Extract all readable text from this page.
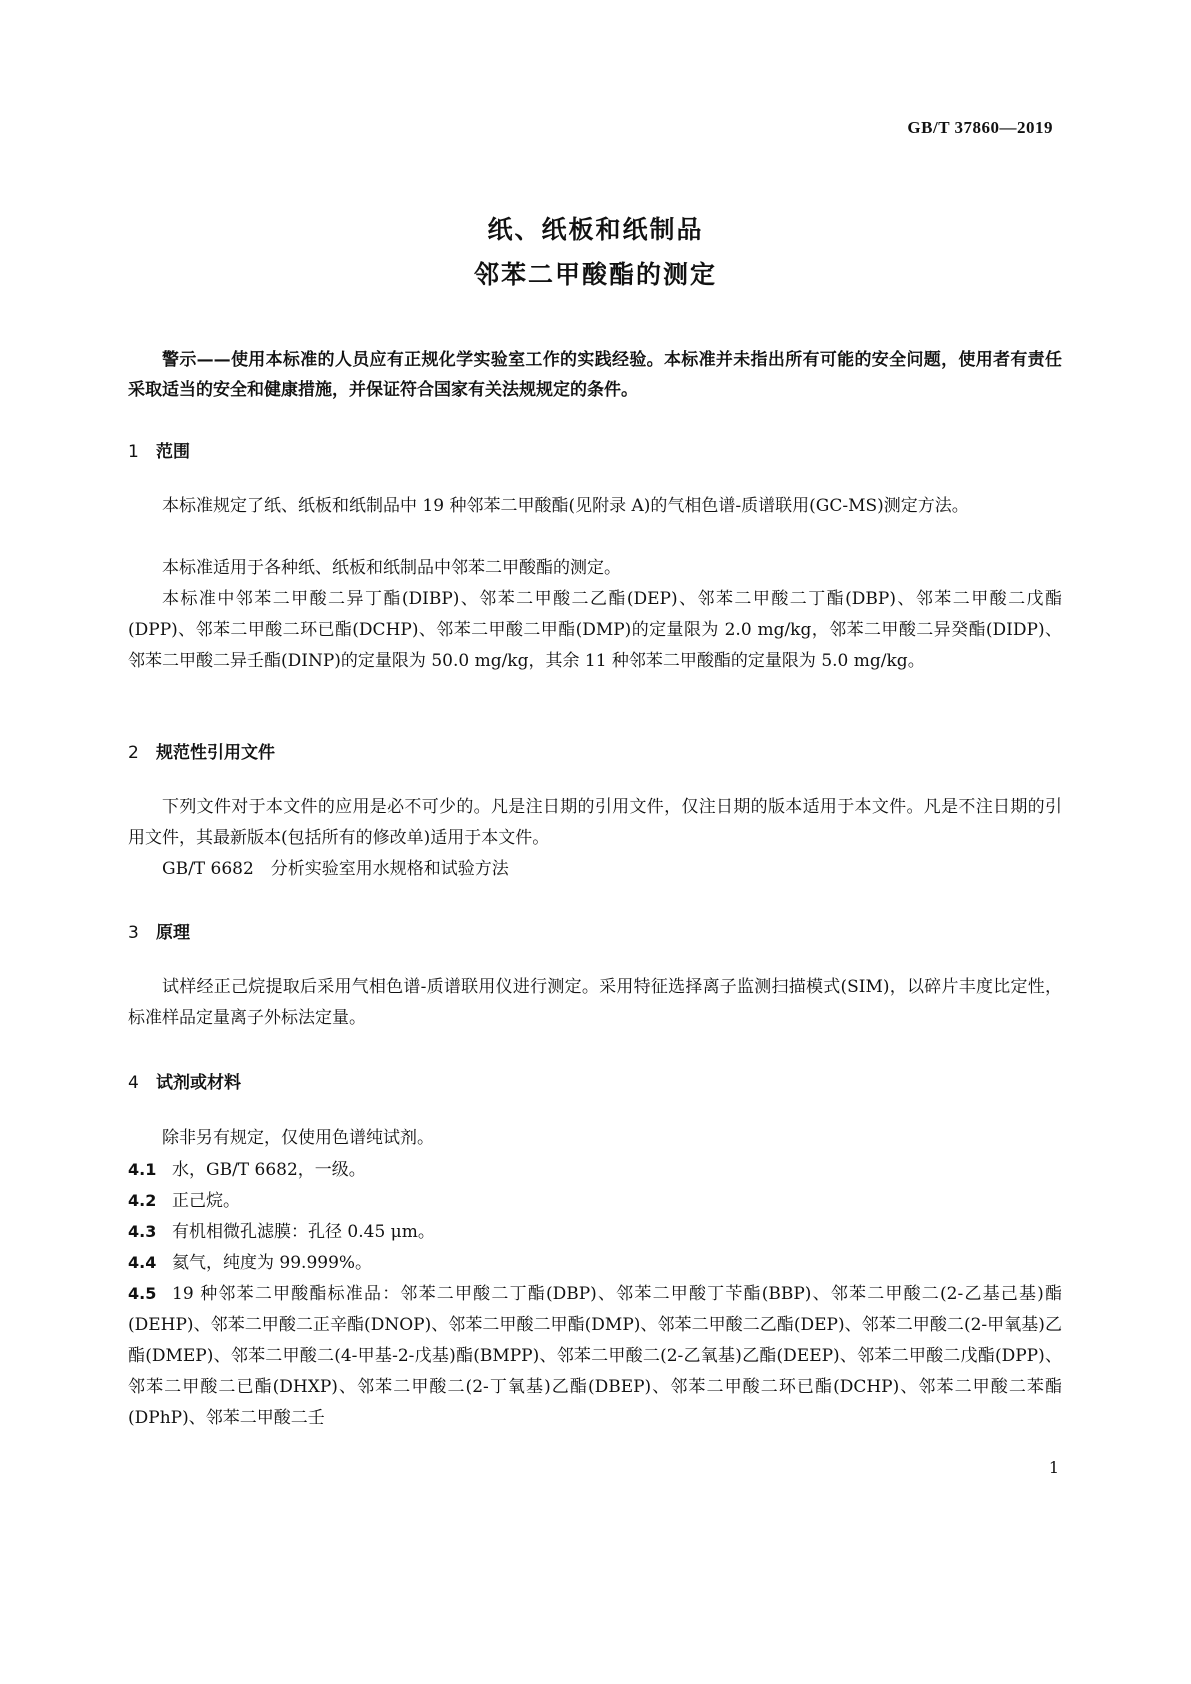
GB/T 37860—2019
纸、纸板和纸制品
邻苯二甲酸酯的测定

警示——使用本标准的人员应有正规化学实验室工作的实践经验。本标准并未指出所有可能的安全问题，使用者有责任采取适当的安全和健康措施，并保证符合国家有关法规规定的条件。

1 范围

本标准规定了纸、纸板和纸制品中 19 种邻苯二甲酸酯(见附录 A)的气相色谱-质谱联用(GC-MS)测定方法。

本标准适用于各种纸、纸板和纸制品中邻苯二甲酸酯的测定。

本标准中邻苯二甲酸二异丁酯(DIBP)、邻苯二甲酸二乙酯(DEP)、邻苯二甲酸二丁酯(DBP)、邻苯二甲酸二戊酯(DPP)、邻苯二甲酸二环已酯(DCHP)、邻苯二甲酸二甲酯(DMP)的定量限为 2.0 mg/kg，邻苯二甲酸二异癸酯(DIDP)、邻苯二甲酸二异壬酯(DINP)的定量限为 50.0 mg/kg，其余 11 种邻苯二甲酸酯的定量限为 5.0 mg/kg。

2 规范性引用文件

下列文件对于本文件的应用是必不可少的。凡是注日期的引用文件，仅注日期的版本适用于本文件。凡是不注日期的引用文件，其最新版本(包括所有的修改单)适用于本文件。

GB/T 6682　分析实验室用水规格和试验方法

3 原理

试样经正己烷提取后采用气相色谱-质谱联用仪进行测定。采用特征选择离子监测扫描模式(SIM)，以碎片丰度比定性，标准样品定量离子外标法定量。

4 试剂或材料

除非另有规定，仅使用色谱纯试剂。

4.1 水，GB/T 6682，一级。

4.2 正己烷。

4.3 有机相微孔滤膜：孔径 0.45 μm。

4.4 氦气，纯度为 99.999%。

4.5 19 种邻苯二甲酸酯标准品：邻苯二甲酸二丁酯(DBP)、邻苯二甲酸丁苄酯(BBP)、邻苯二甲酸二(2-乙基己基)酯(DEHP)、邻苯二甲酸二正辛酯(DNOP)、邻苯二甲酸二甲酯(DMP)、邻苯二甲酸二乙酯(DEP)、邻苯二甲酸二(2-甲氧基)乙酯(DMEP)、邻苯二甲酸二(4-甲基-2-戊基)酯(BMPP)、邻苯二甲酸二(2-乙氧基)乙酯(DEEP)、邻苯二甲酸二戊酯(DPP)、邻苯二甲酸二已酯(DHXP)、邻苯二甲酸二(2-丁氧基)乙酯(DBEP)、邻苯二甲酸二环已酯(DCHP)、邻苯二甲酸二苯酯(DPhP)、邻苯二甲酸二壬

1
